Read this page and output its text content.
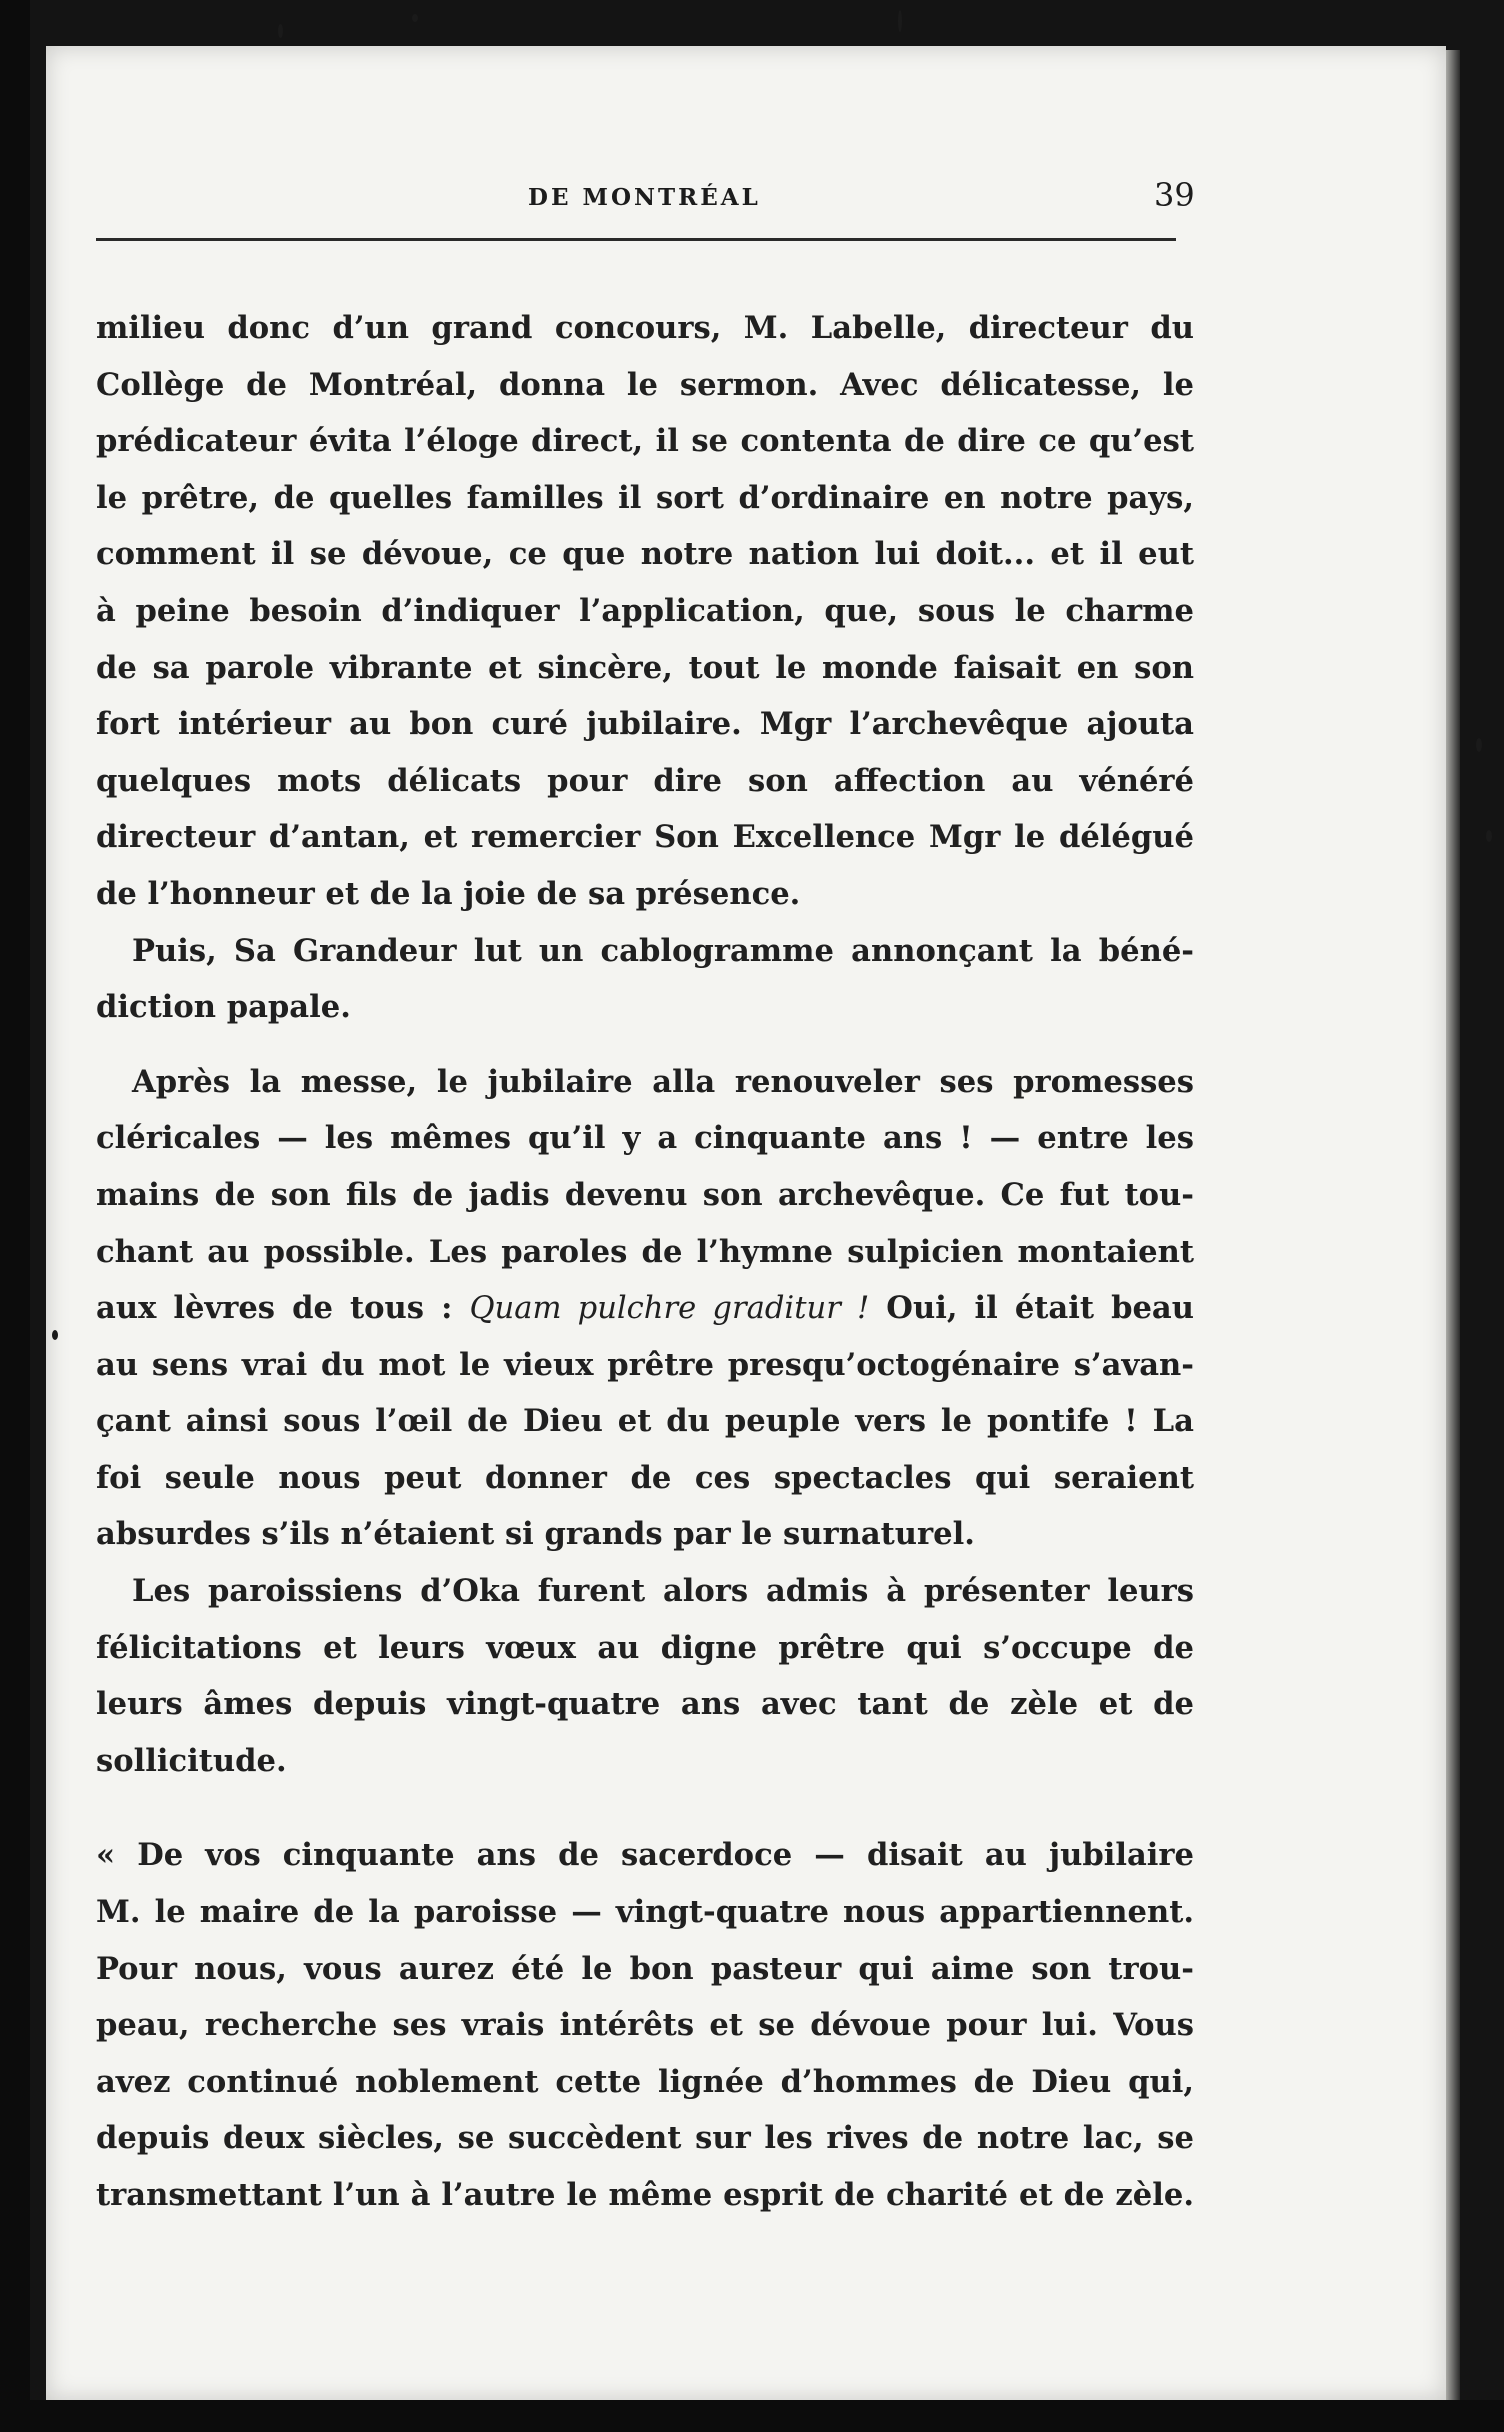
DE MONTRÉAL	39
milieu donc d’un grand concours, M. Labelle, directeur du
Collège de Montréal, donna le sermon. Avec délicatesse, le
prédicateur évita l’éloge direct, il se contenta de dire ce qu’est
le prêtre, de quelles familles il sort d’ordinaire en notre pays,
comment il se dévoue, ce que notre nation lui doit... et il eut
à peine besoin d’indiquer l’application, que, sous le charme
de sa parole vibrante et sincère, tout le monde faisait en son
fort intérieur au bon curé jubilaire. Mgr l’archevêque ajouta
quelques mots délicats pour dire son affection au vénéré
directeur d’antan, et remercier Son Excellence Mgr le délégué
de l’honneur et de la joie de sa présence.
Puis, Sa Grandeur lut un cablogramme annonçant la béné-
diction papale.
Après la messe, le jubilaire alla renouveler ses promesses
cléricales — les mêmes qu’il y a cinquante ans ! — entre les
mains de son fils de jadis devenu son archevêque. Ce fut tou-
chant au possible. Les paroles de l’hymne sulpicien montaient
aux lèvres de tous : Quam pulchre graditur ! Oui, il était beau
au sens vrai du mot le vieux prêtre presqu’octogénaire s’avan-
çant ainsi sous l’œil de Dieu et du peuple vers le pontife ! La
foi seule nous peut donner de ces spectacles qui seraient
absurdes s’ils n’étaient si grands par le surnaturel.
Les paroissiens d’Oka furent alors admis à présenter leurs
félicitations et leurs vœux au digne prêtre qui s’occupe de
leurs âmes depuis vingt-quatre ans avec tant de zèle et de
sollicitude.
« De vos cinquante ans de sacerdoce — disait au jubilaire
M. le maire de la paroisse — vingt-quatre nous appartiennent.
Pour nous, vous aurez été le bon pasteur qui aime son trou-
peau, recherche ses vrais intérêts et se dévoue pour lui. Vous
avez continué noblement cette lignée d’hommes de Dieu qui,
depuis deux siècles, se succèdent sur les rives de notre lac, se
transmettant l’un à l’autre le même esprit de charité et de zèle.
